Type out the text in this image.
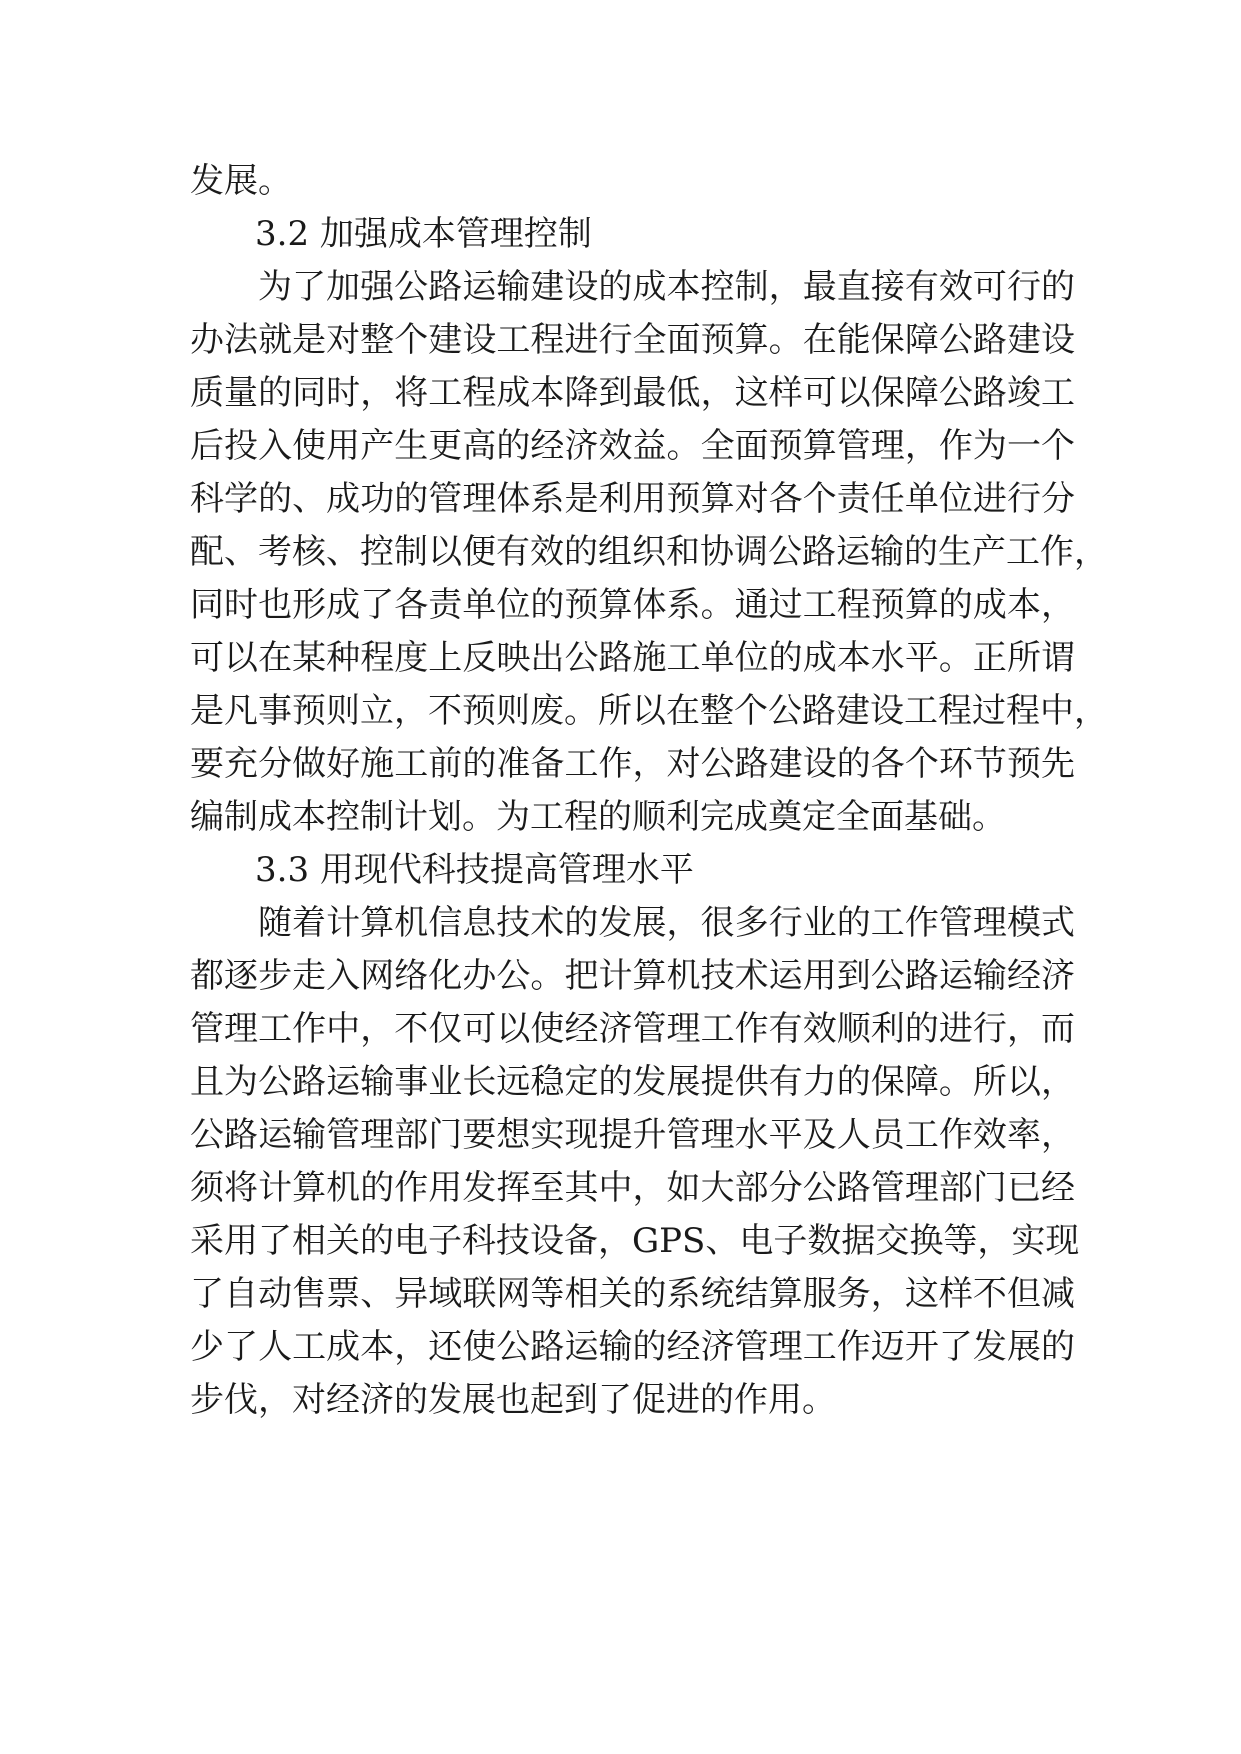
发展。
3.2 加强成本管理控制
为了加强公路运输建设的成本控制，最直接有效可行的
办法就是对整个建设工程进行全面预算。在能保障公路建设
质量的同时，将工程成本降到最低，这样可以保障公路竣工
后投入使用产生更高的经济效益。全面预算管理，作为一个
科学的、成功的管理体系是利用预算对各个责任单位进行分
配、考核、控制以便有效的组织和协调公路运输的生产工作，
同时也形成了各责单位的预算体系。通过工程预算的成本，
可以在某种程度上反映出公路施工单位的成本水平。正所谓
是凡事预则立，不预则废。所以在整个公路建设工程过程中，
要充分做好施工前的准备工作，对公路建设的各个环节预先
编制成本控制计划。为工程的顺利完成奠定全面基础。
3.3 用现代科技提高管理水平
随着计算机信息技术的发展，很多行业的工作管理模式
都逐步走入网络化办公。把计算机技术运用到公路运输经济
管理工作中，不仅可以使经济管理工作有效顺利的进行，而
且为公路运输事业长远稳定的发展提供有力的保障。所以，
公路运输管理部门要想实现提升管理水平及人员工作效率，
须将计算机的作用发挥至其中，如大部分公路管理部门已经
采用了相关的电子科技设备，GPS、电子数据交换等，实现
了自动售票、异域联网等相关的系统结算服务，这样不但减
少了人工成本，还使公路运输的经济管理工作迈开了发展的
步伐，对经济的发展也起到了促进的作用。
